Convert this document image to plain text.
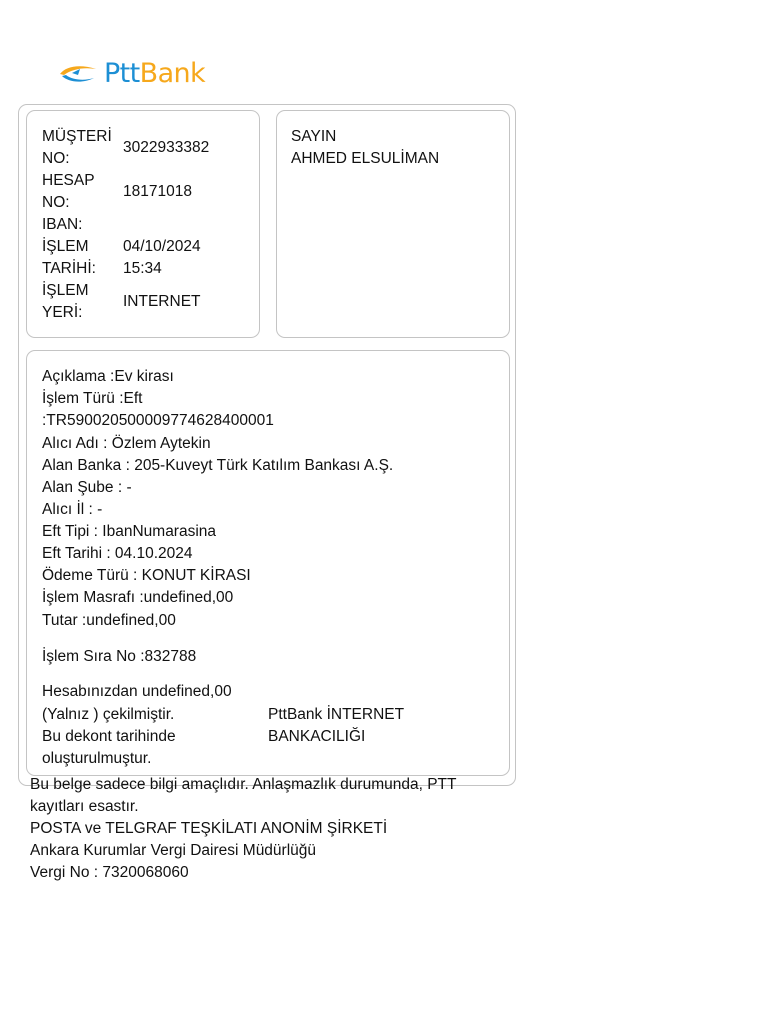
PttBank
MÜŞTERİ
NO:
3022933382
HESAP
NO:
18171018
IBAN:
İŞLEM
TARİHİ:
04/10/2024
15:34
İŞLEM
YERİ:
INTERNET
SAYIN
AHMED ELSULİMAN
Açıklama :Ev kirası
İşlem Türü :Eft
:TR590020500009774628400001
Alıcı Adı : Özlem Aytekin
Alan Banka : 205-Kuveyt Türk Katılım Bankası A.Ş.
Alan Şube : -
Alıcı İl : -
Eft Tipi : IbanNumarasina
Eft Tarihi : 04.10.2024
Ödeme Türü : KONUT KİRASI
İşlem Masrafı :undefined,00
Tutar :undefined,00
İşlem Sıra No :832788
Hesabınızdan undefined,00
(Yalnız ) çekilmiştir.
Bu dekont tarihinde
oluşturulmuştur.
PttBank İNTERNET
BANKACILIĞI
Bu belge sadece bilgi amaçlıdır. Anlaşmazlık durumunda, PTT
kayıtları esastır.
POSTA ve TELGRAF TEŞKİLATI ANONİM ŞİRKETİ
Ankara Kurumlar Vergi Dairesi Müdürlüğü
Vergi No : 7320068060
